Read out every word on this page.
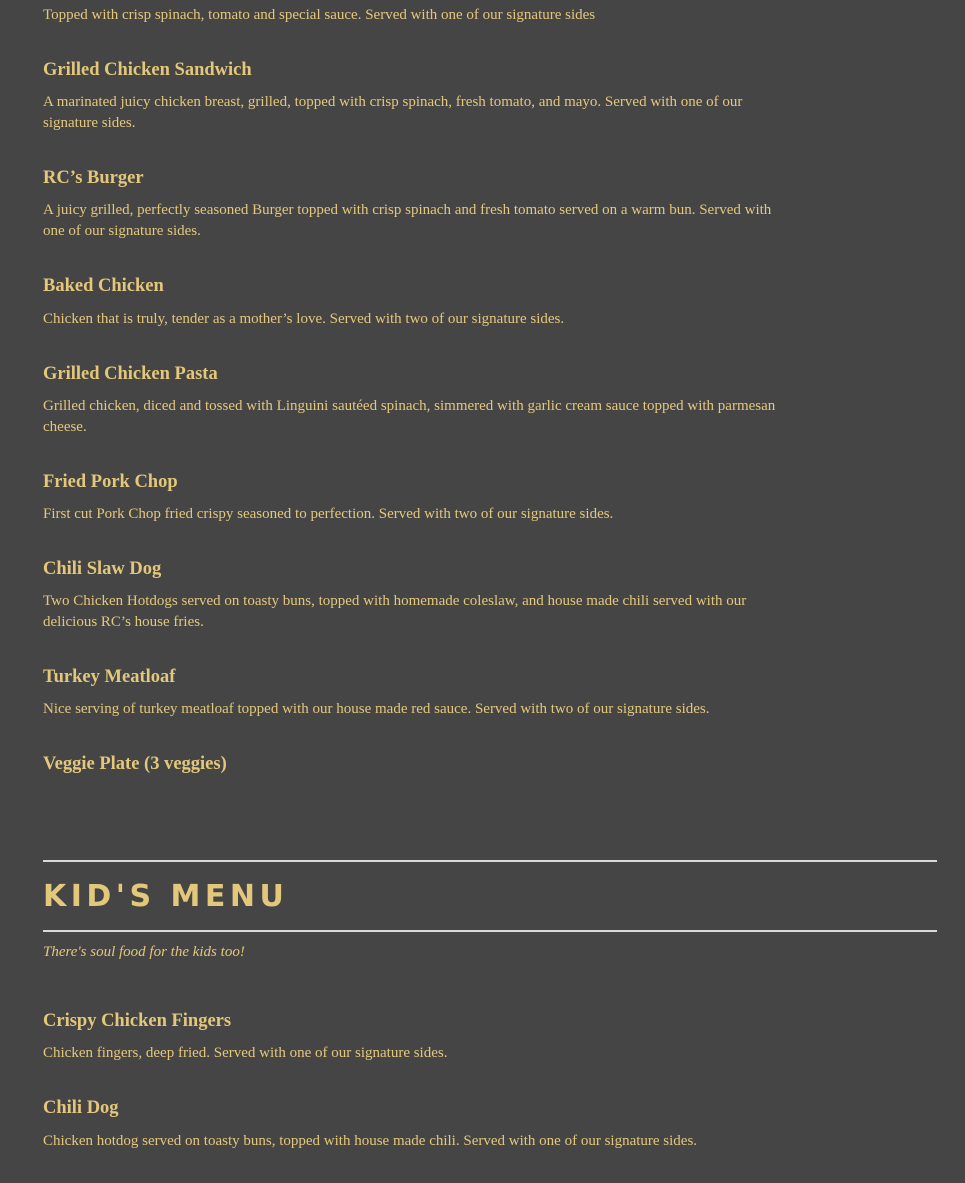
Topped with crisp spinach, tomato and special sauce. Served with one of our signature sides

Grilled Chicken Sandwich

A marinated juicy chicken breast, grilled, topped with crisp spinach, fresh tomato, and mayo. Served with one of our signature sides.

RC’s Burger

A juicy grilled, perfectly seasoned Burger topped with crisp spinach and fresh tomato served on a warm bun. Served with one of our signature sides.

Baked Chicken

Chicken that is truly, tender as a mother’s love. Served with two of our signature sides.

Grilled Chicken Pasta

Grilled chicken, diced and tossed with Linguini sautéed spinach, simmered with garlic cream sauce topped with parmesan cheese.

Fried Pork Chop

First cut Pork Chop fried crispy seasoned to perfection. Served with two of our signature sides.

Chili Slaw Dog

Two Chicken Hotdogs served on toasty buns, topped with homemade coleslaw, and house made chili served with our delicious RC’s house fries.

Turkey Meatloaf

Nice serving of turkey meatloaf topped with our house made red sauce. Served with two of our signature sides.

Veggie Plate (3 veggies)
KID'S MENU

There's soul food for the kids too!

Crispy Chicken Fingers

Chicken fingers, deep fried. Served with one of our signature sides.

Chili Dog

Chicken hotdog served on toasty buns, topped with house made chili. Served with one of our signature sides.
